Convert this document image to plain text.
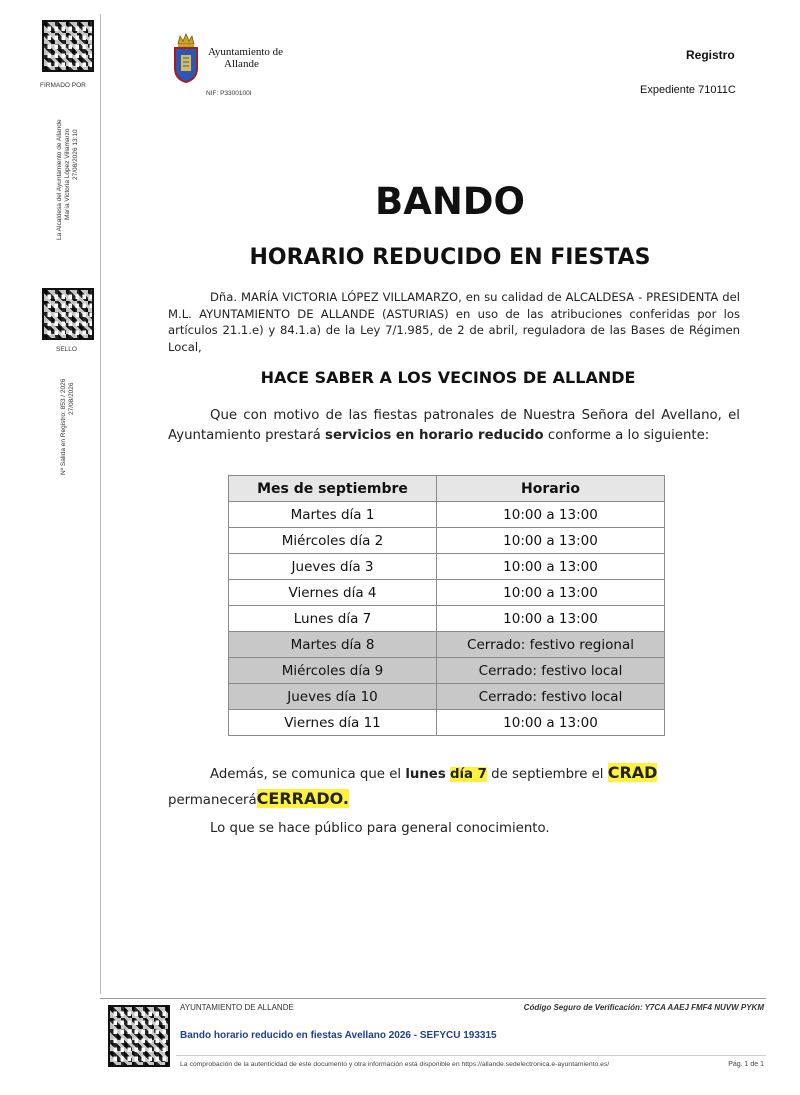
FIRMADO POR
La Alcaldesa del Ayuntamiento de Allande María Victoria López Villamarzo 27/08/2026 13:10
SELLO
Nº Salida en Registro: 853 / 2026 27/08/2026
Ayuntamiento de
Allande
NIF: P3300100I
Registro
Expediente 71011C
BANDO
HORARIO REDUCIDO EN FIESTAS

Dña. MARÍA VICTORIA LÓPEZ VILLAMARZO, en su calidad de ALCALDESA - PRESIDENTA del M.L. AYUNTAMIENTO DE ALLANDE (ASTURIAS) en uso de las atribuciones conferidas por los artículos 21.1.e) y 84.1.a) de la Ley 7/1.985, de 2 de abril, reguladora de las Bases de Régimen Local,

HACE SABER A LOS VECINOS DE ALLANDE

Que con motivo de las fiestas patronales de Nuestra Señora del Avellano, el Ayuntamiento prestará servicios en horario reducido conforme a lo siguiente:

Mes de septiembre	Horario
Martes día 1	10:00 a 13:00
Miércoles día 2	10:00 a 13:00
Jueves día 3	10:00 a 13:00
Viernes día 4	10:00 a 13:00
Lunes día 7	10:00 a 13:00
Martes día 8	Cerrado: festivo regional
Miércoles día 9	Cerrado: festivo local
Jueves día 10	Cerrado: festivo local
Viernes día 11	10:00 a 13:00

Además, se comunica que el lunes día 7 de septiembre el CRAD
permaneceráCERRADO.

Lo que se hace público para general conocimiento.

AYUNTAMIENTO DE ALLANDE	Código Seguro de Verificación: Y7CA AAEJ FMF4 NUVW PYKM
Bando horario reducido en fiestas Avellano 2026 - SEFYCU 193315
La comprobación de la autenticidad de este documento y otra información está disponible en https://allande.sedelectronica.e-ayuntamiento.es/	Pág. 1 de 1
